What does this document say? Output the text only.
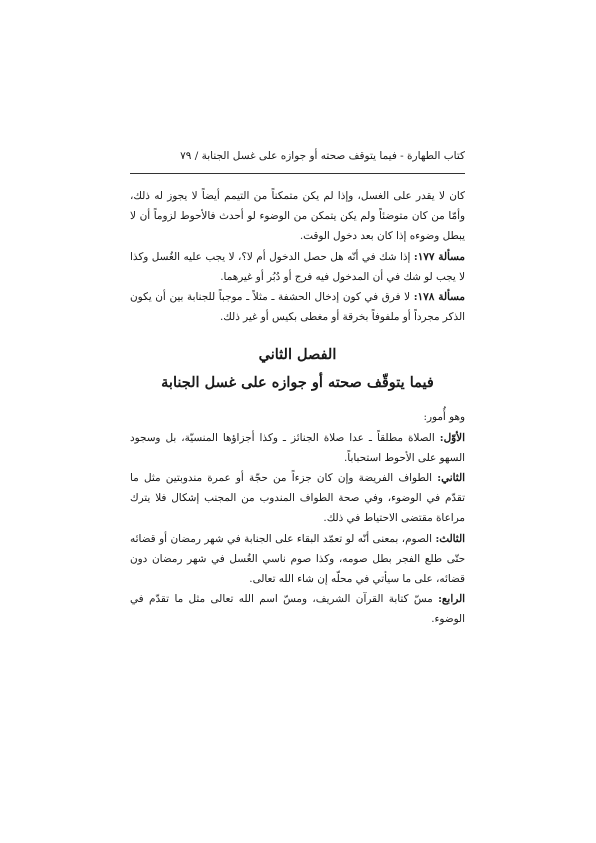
كتاب الطهارة - فيما يتوقف صحته أو جوازه على غسل الجنابة / ٧٩

كان لا يقدر على الغسل، وإذا لم يكن متمكناً من التيمم أيضاً لا يجوز له ذلك، وأمّا من كان متوضئاً ولم يكن يتمكن من الوضوء لو أحدث فالأحوط لزوماً أن لا يبطل وضوءه إذا كان بعد دخول الوقت.

مسألة ١٧٧: إذا شك في أنّه هل حصل الدخول أم لا؟، لا يجب عليه الغُسل وكذا لا يجب لو شك في أن المدخول فيه فرج أو دُبُر أو غيرهما.

مسألة ١٧٨: لا فرق في كون إدخال الحشفة ـ مثلاً ـ موجباً للجنابة بين أن يكون الذكر مجرداً أو ملفوفاً بخرقة أو مغطى بكيس أو غير ذلك.

الفصل الثاني
فيما يتوقّف صحته أو جوازه على غسل الجنابة

وهو أُمور:

الأوّل: الصلاة مطلقاً ـ عدا صلاة الجنائز ـ وكذا أجزاؤها المنسيّة، بل وسجود السهو على الأحوط استحباباً.

الثاني: الطواف الفريضة وإن كان جزءاً من حجّة أو عمرة مندوبتين مثل ما تقدّم في الوضوء، وفي صحة الطواف المندوب من المجنب إشكال فلا يترك مراعاة مقتضى الاحتياط في ذلك.

الثالث: الصوم، بمعنى أنّه لو تعمّد البقاء على الجنابة في شهر رمضان أو قضائه حتّى طلع الفجر بطل صومه، وكذا صوم ناسي الغُسل في شهر رمضان دون قضائه، على ما سيأتي في محلّه إن شاء الله تعالى.

الرابع: مسّ كتابة القرآن الشريف، ومسّ اسم الله تعالى مثل ما تقدّم في الوضوء.
